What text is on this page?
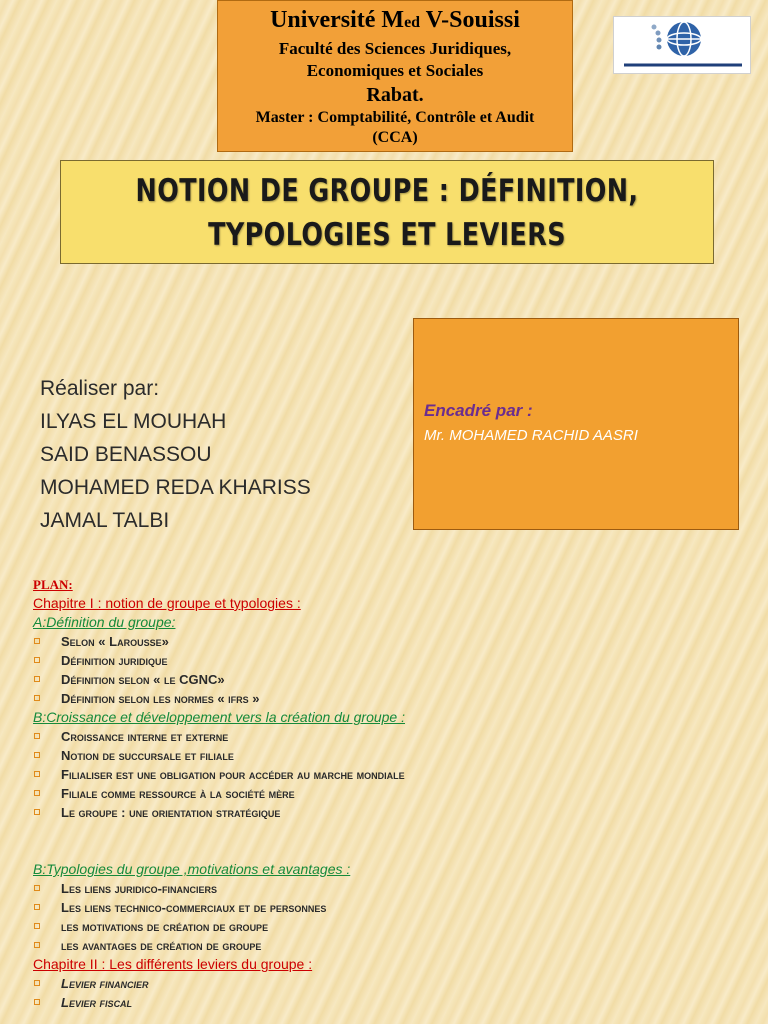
Université Med V-Souissi
Faculté des Sciences Juridiques,
Economiques et Sociales
Rabat.
Master : Comptabilité, Contrôle et Audit
(CCA)
NOTION DE GROUPE : DÉFINITION,
TYPOLOGIES ET LEVIERS
Réaliser par:
ILYAS EL MOUHAH
SAID BENASSOU
MOHAMED REDA KHARISS
JAMAL TALBI
Encadré par :
Mr. MOHAMED RACHID AASRI
PLAN:
Chapitre I : notion de groupe et typologies :
A:Définition du groupe:
Selon « Larousse»
Définition juridique
Définition selon « le CGNC»
Définition selon les normes « ifrs »
B:Croissance et développement vers la création du groupe :
Croissance interne et externe
Notion de succursale et filiale
Filialiser est une obligation pour accéder au marche mondiale
Filiale comme ressource à la société mère
Le groupe : une orientation stratégique
B:Typologies du groupe ,motivations et avantages :
Les liens juridico-financiers
Les liens technico-commerciaux et de personnes
les motivations de création de groupe
les avantages de création de groupe
Chapitre II : Les différents leviers du groupe :
Levier financier
Levier fiscal
